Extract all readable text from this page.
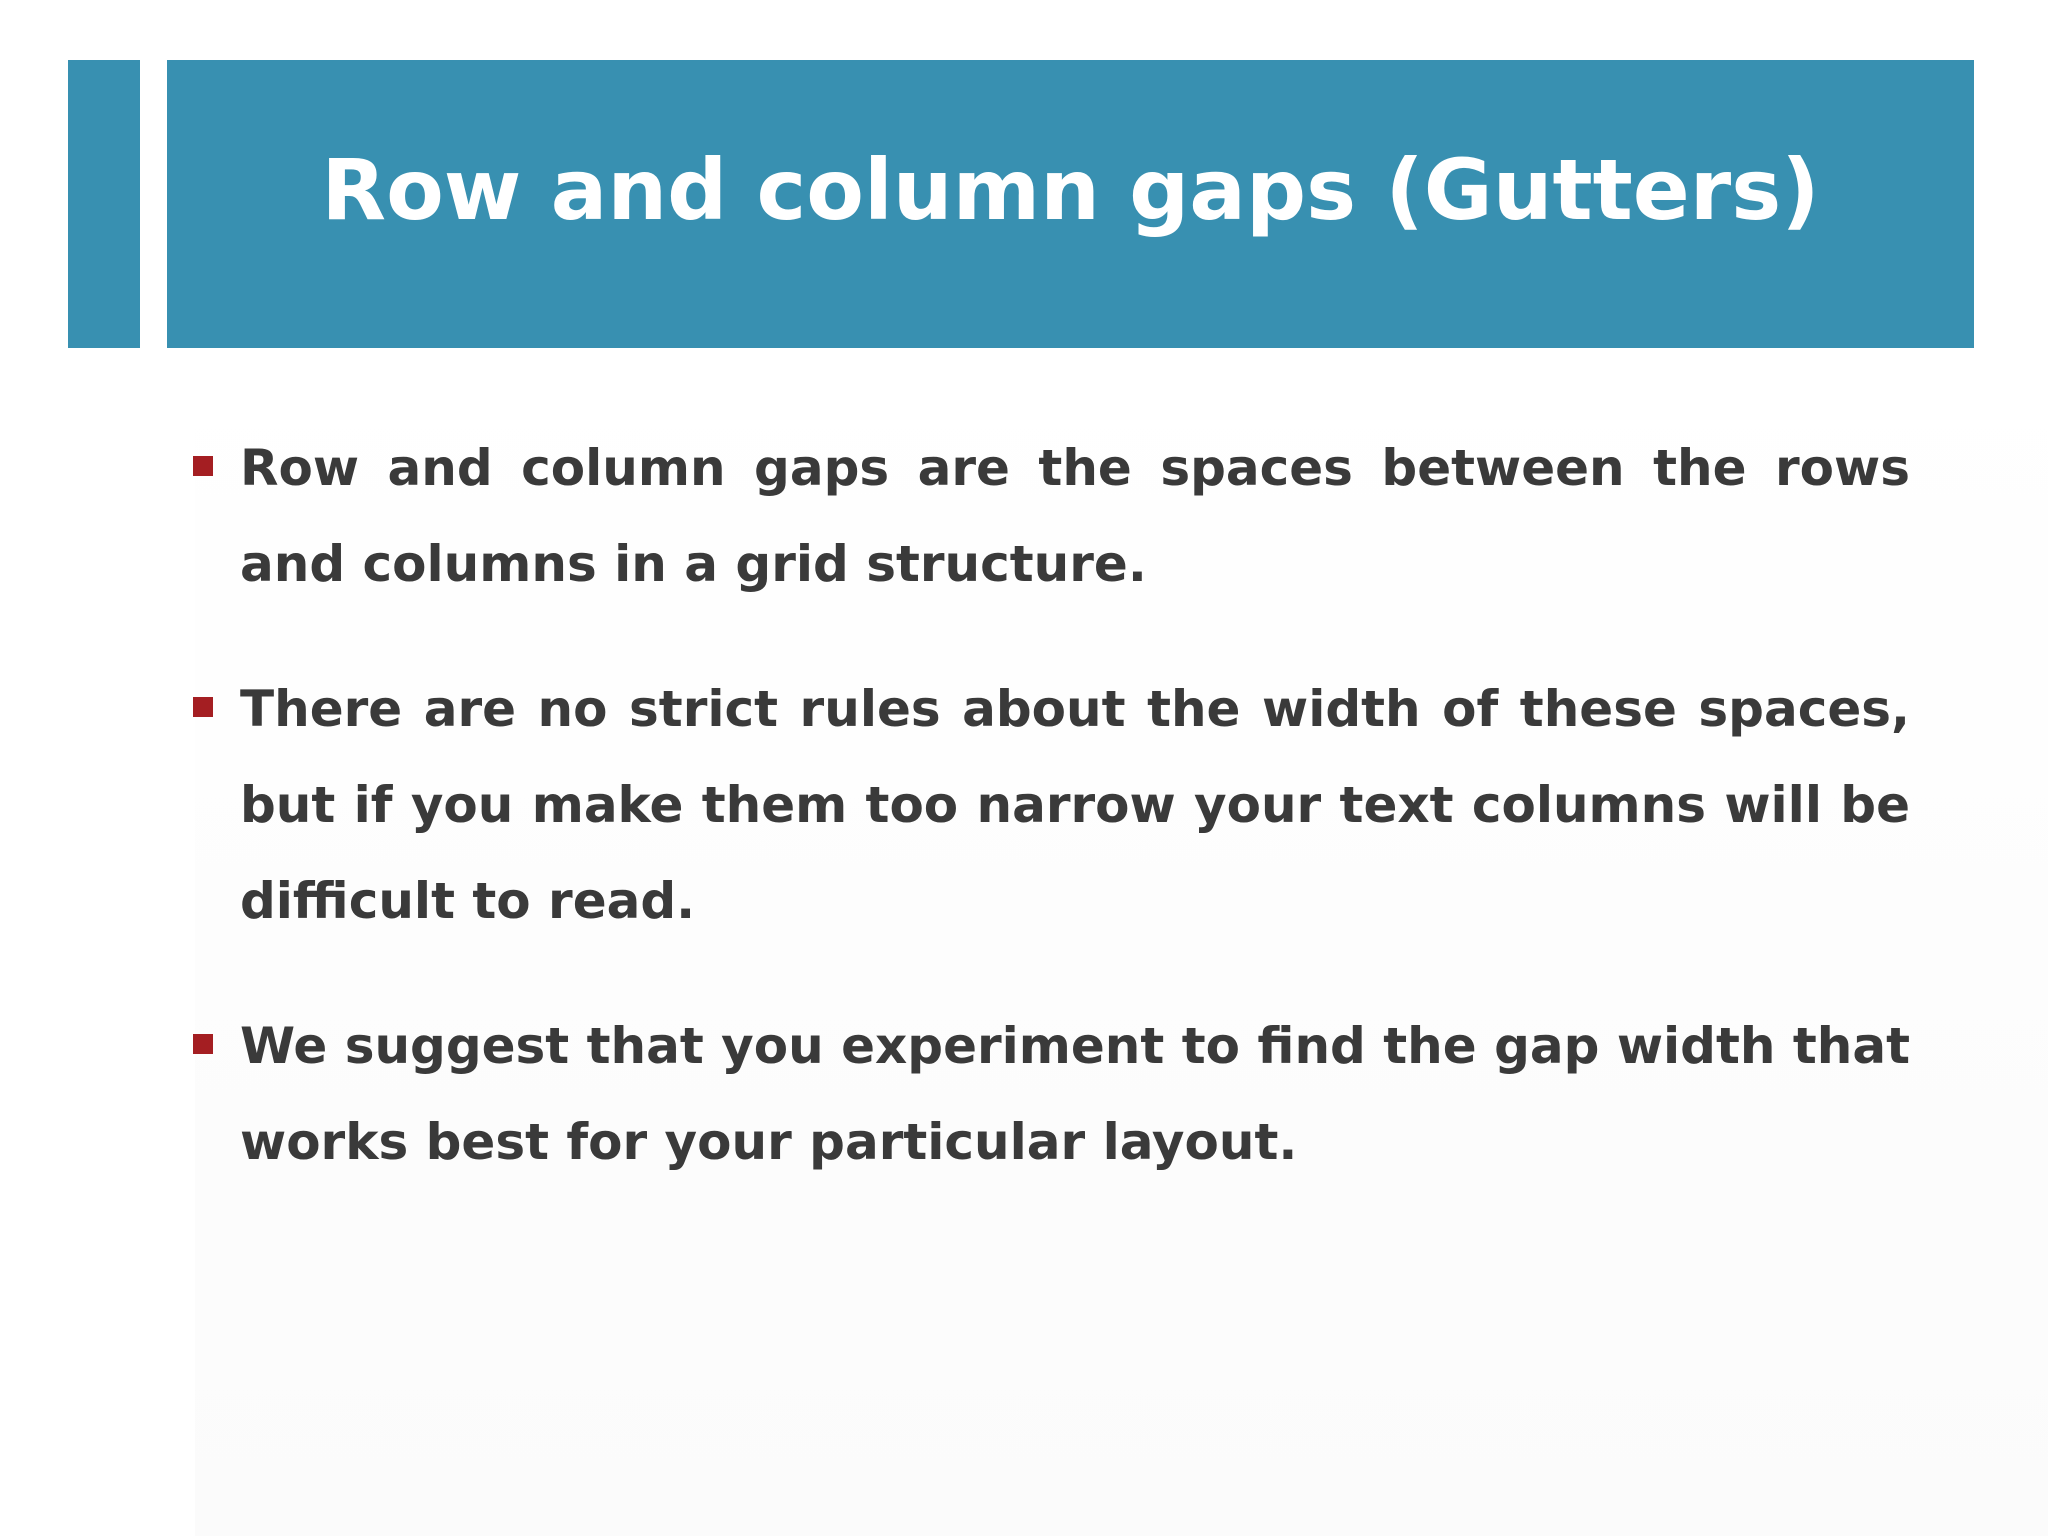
Row and column gaps (Gutters)
Row and column gaps are the spaces between the rows and columns in a grid structure.
There are no strict rules about the width of these spaces, but if you make them too narrow your text columns will be difficult to read.
We suggest that you experiment to find the gap width that works best for your particular layout.
